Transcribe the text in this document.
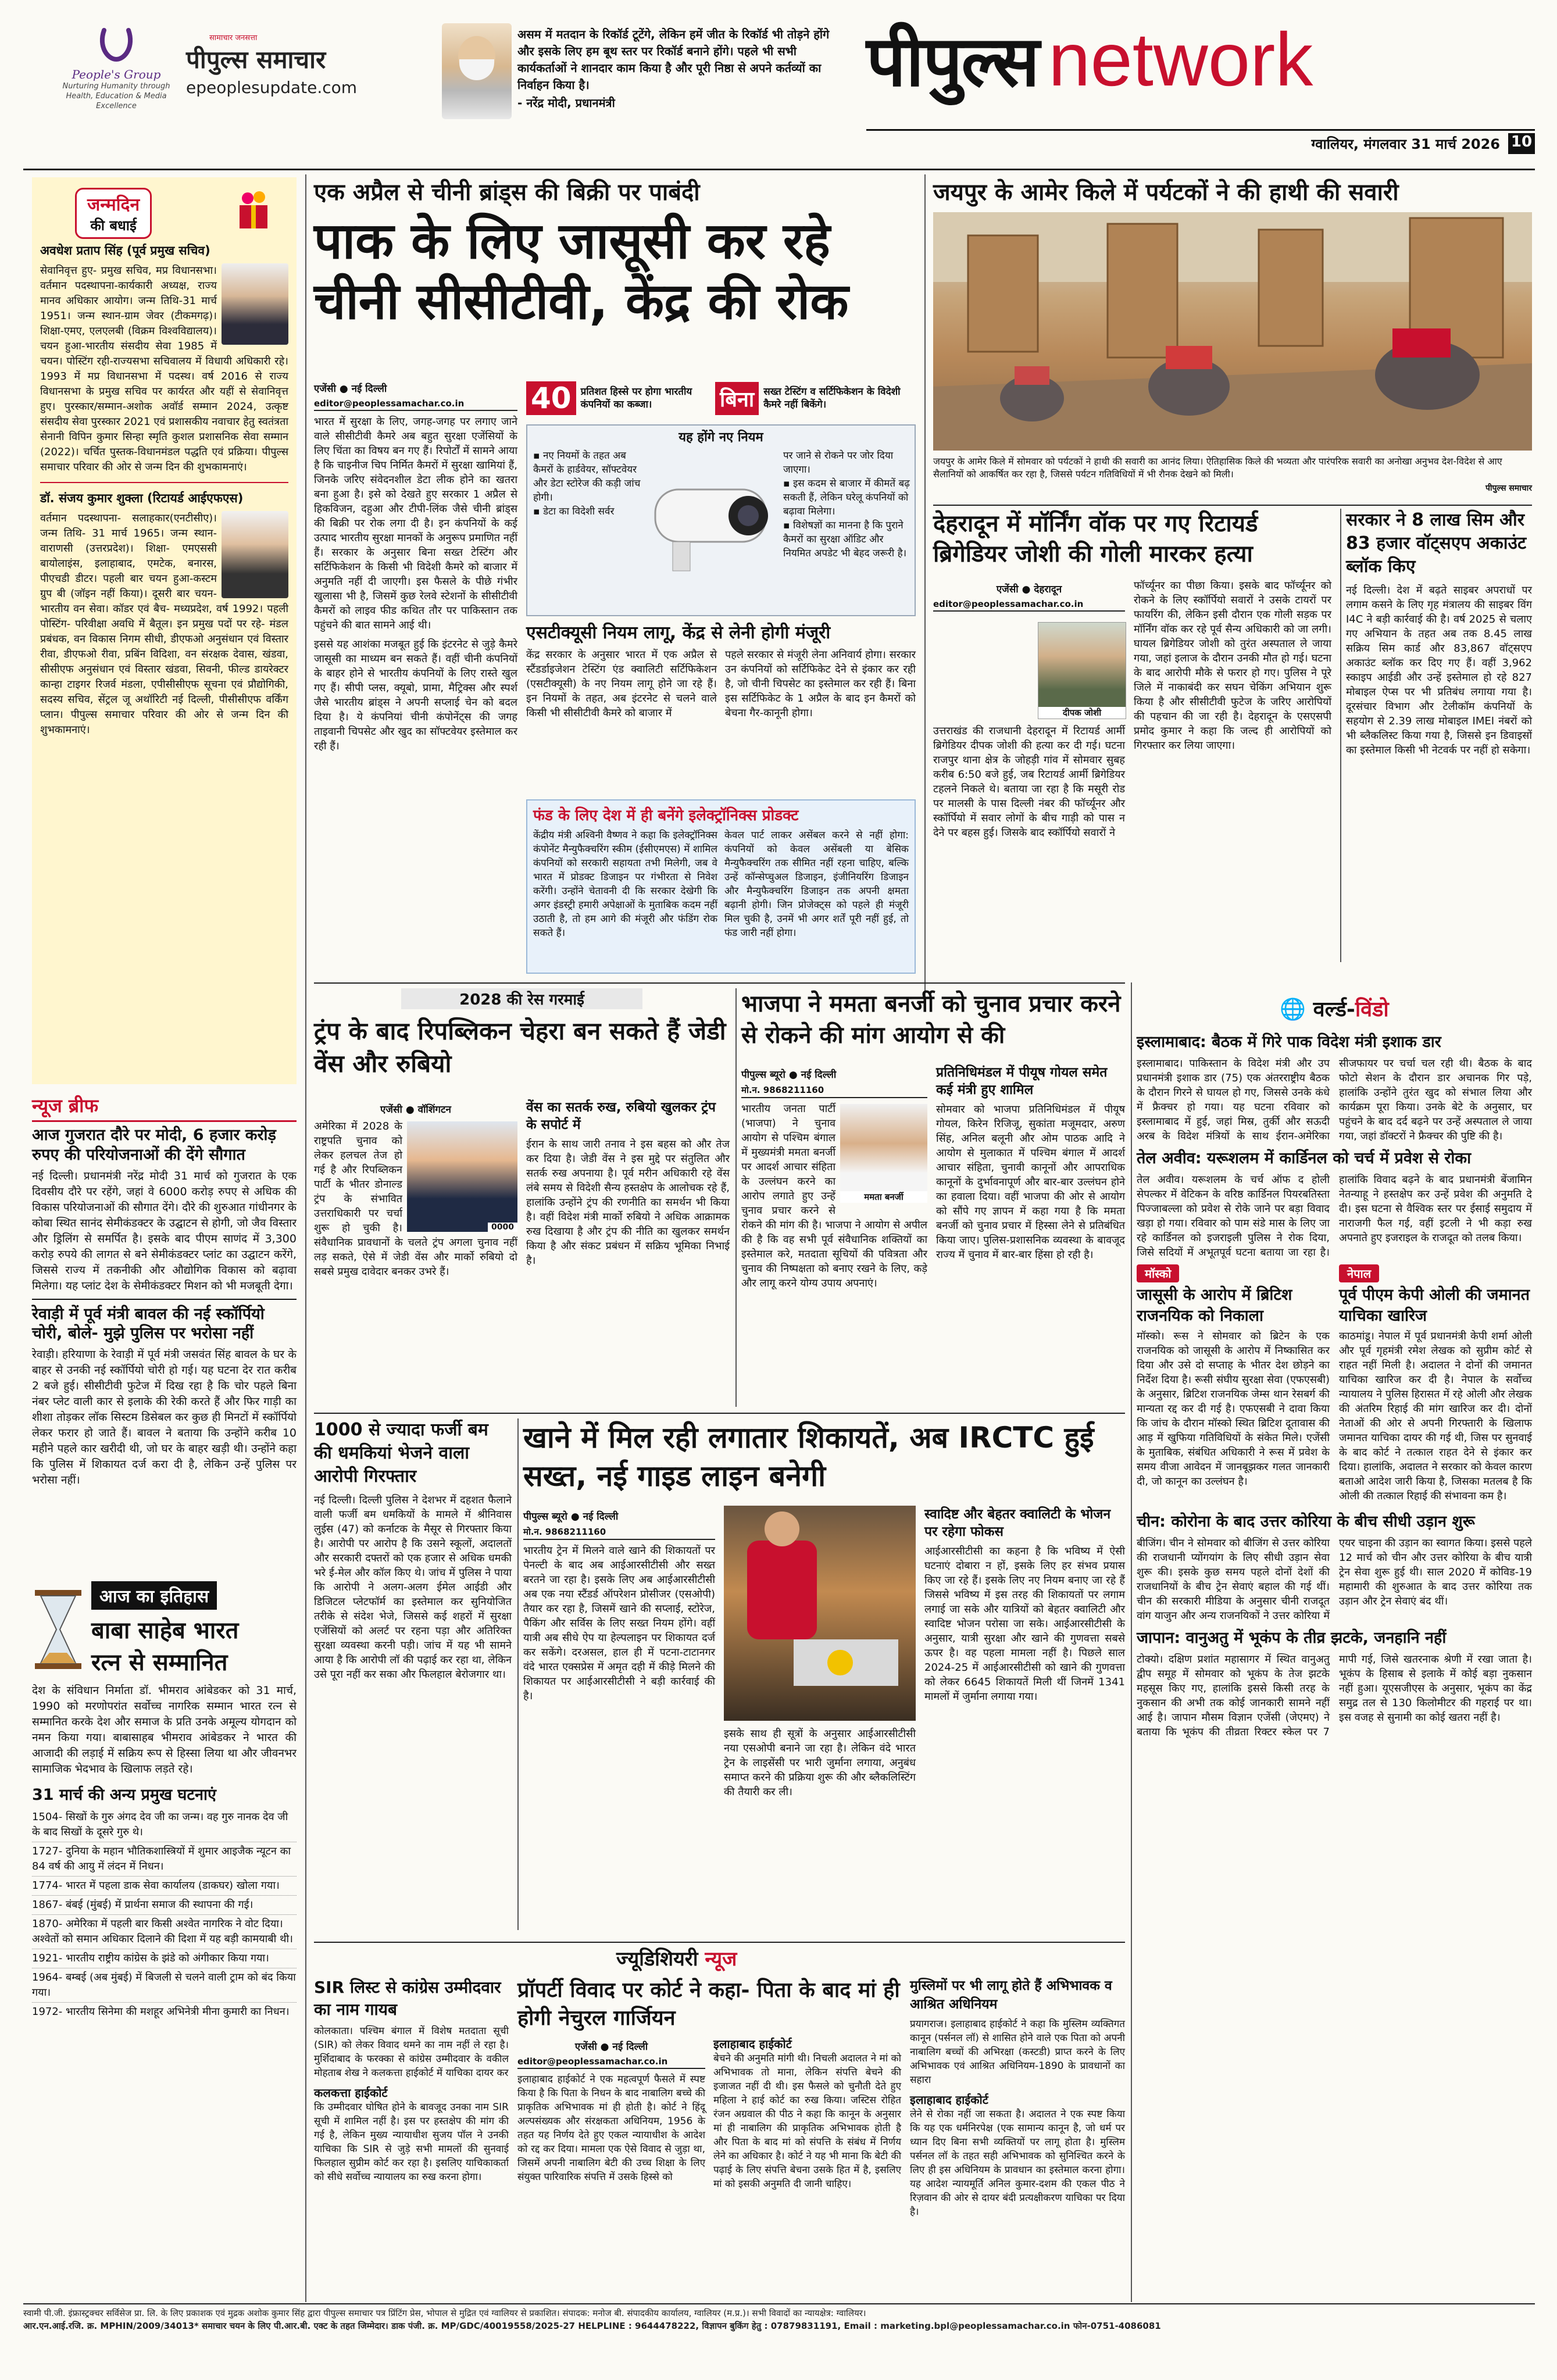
People's Group
Nurturing Humanity through Health, Education & Media Excellence
सामाचार जनसत्ता
पीपुल्स समाचार
epeoplesupdate.com
असम में मतदान के रिकॉर्ड टूटेंगे, लेकिन हमें जीत के रिकॉर्ड भी तोड़ने होंगे और इसके लिए हम बूथ स्तर पर रिकॉर्ड बनाने होंगे। पहले भी सभी कार्यकर्ताओं ने शानदार काम किया है और पूरी निष्ठा से अपने कर्तव्यों का निर्वाहन किया है।
- नरेंद्र मोदी, प्रधानमंत्री
पीपुल्स network
ग्वालियर, मंगलवार 31 मार्च 2026 10
जन्मदिन
की बधाई
अवधेश प्रताप सिंह (पूर्व प्रमुख सचिव)

सेवानिवृत्त हुए- प्रमुख सचिव, मप्र विधानसभा। वर्तमान पदस्थापना-कार्यकारी अध्यक्ष, राज्य मानव अधिकार आयोग। जन्म तिथि-31 मार्च 1951। जन्म स्थान-ग्राम जेवर (टीकमगढ़)। शिक्षा-एमए, एलएलबी (विक्रम विश्वविद्यालय)। चयन हुआ-भारतीय संसदीय सेवा 1985 में चयन। पोस्टिंग रही-राज्यसभा सचिवालय में विधायी अधिकारी रहे। 1993 में मप्र विधानसभा में पदस्थ। वर्ष 2016 से राज्य विधानसभा के प्रमुख सचिव पर कार्यरत और यहीं से सेवानिवृत्त हुए। पुरस्कार/सम्मान-अशोक अवॉर्ड सम्मान 2024, उत्कृष्ट संसदीय सेवा पुरस्कार 2021 एवं प्रशासकीय नवाचार हेतु स्वतंत्रता सेनानी विपिन कुमार सिन्हा स्मृति कुशल प्रशासनिक सेवा सम्मान (2022)। चर्चित पुस्तक-विधानमंडल पद्धति एवं प्रक्रिया। पीपुल्स समाचार परिवार की ओर से जन्म दिन की शुभकामनाएं।

डॉ. संजय कुमार शुक्ला (रिटायर्ड आईएफएस)

वर्तमान पदस्थापना- सलाहकार(एनटीसीए)। जन्म तिथि- 31 मार्च 1965। जन्म स्थान- वाराणसी (उत्तरप्रदेश)। शिक्षा- एमएससी बायोलाइंस, इलाहाबाद, एमटेक, बनारस, पीएचडी डीटर। पहली बार चयन हुआ-कस्टम ग्रुप बी (जॉइन नहीं किया)। दूसरी बार चयन- भारतीय वन सेवा। कॉडर एवं बैच- मध्यप्रदेश, वर्ष 1992। पहली पोस्टिंग- परिवीक्षा अवधि में बैतूल। इन प्रमुख पदों पर रहे- मंडल प्रबंधक, वन विकास निगम सीधी, डीएफओ अनुसंधान एवं विस्तार रीवा, डीएफओ रीवा, प्रबिंन विदिशा, वन संरक्षक देवास, खंडवा, सीसीएफ अनुसंधान एवं विस्तार खंडवा, सिवनी, फील्ड डायरेक्टर कान्हा टाइगर रिजर्व मंडला, एपीसीसीएफ सूचना एवं प्रौद्योगिकी, सदस्य सचिव, सेंट्रल जू अथॉरिटी नई दिल्ली, पीसीसीएफ वर्किंग प्लान। पीपुल्स समाचार परिवार की ओर से जन्म दिन की शुभकामनाएं।

न्यूज ब्रीफ
आज गुजरात दौरे पर मोदी, 6 हजार करोड़ रुपए की परियोजनाओं की देंगे सौगात

नई दिल्ली। प्रधानमंत्री नरेंद्र मोदी 31 मार्च को गुजरात के एक दिवसीय दौरे पर रहेंगे, जहां वे 6000 करोड़ रुपए से अधिक की विकास परियोजनाओं की सौगात देंगे। दौरे की शुरुआत गांधीनगर के कोबा स्थित सानंद सेमीकंडक्टर के उद्घाटन से होगी, जो जैव विस्तार और ड्रिलिंग से समर्पित है। इसके बाद पीएम साणंद में 3,300 करोड़ रुपये की लागत से बने सेमीकंडक्टर प्लांट का उद्घाटन करेंगे, जिससे राज्य में तकनीकी और औद्योगिक विकास को बढ़ावा मिलेगा। यह प्लांट देश के सेमीकंडक्टर मिशन को भी मजबूती देगा।

रेवाड़ी में पूर्व मंत्री बावल की नई स्कॉर्पियो चोरी, बोले- मुझे पुलिस पर भरोसा नहीं

रेवाड़ी। हरियाणा के रेवाड़ी में पूर्व मंत्री जसवंत सिंह बावल के घर के बाहर से उनकी नई स्कॉर्पियो चोरी हो गई। यह घटना देर रात करीब 2 बजे हुई। सीसीटीवी फुटेज में दिख रहा है कि चोर पहले बिना नंबर प्लेट वाली कार से इलाके की रेकी करते हैं और फिर गाड़ी का शीशा तोड़कर लॉक सिस्टम डिसेबल कर कुछ ही मिनटों में स्कॉर्पियो लेकर फरार हो जाते हैं। बावल ने बताया कि उन्होंने करीब 10 महीने पहले कार खरीदी थी, जो घर के बाहर खड़ी थी। उन्होंने कहा कि पुलिस में शिकायत दर्ज करा दी है, लेकिन उन्हें पुलिस पर भरोसा नहीं।

आज का इतिहास
बाबा साहेब भारत
रत्न से सम्मानित

देश के संविधान निर्माता डॉ. भीमराव आंबेडकर को 31 मार्च, 1990 को मरणोपरांत सर्वोच्च नागरिक सम्मान भारत रत्न से सम्मानित करके देश और समाज के प्रति उनके अमूल्य योगदान को नमन किया गया। बाबासाहब भीमराव आंबेडकर ने भारत की आजादी की लड़ाई में सक्रिय रूप से हिस्सा लिया था और जीवनभर सामाजिक भेदभाव के खिलाफ लड़ते रहे।

31 मार्च की अन्य प्रमुख घटनाएं
1504- सिखों के गुरु अंगद देव जी का जन्म। वह गुरु नानक देव जी के बाद सिखों के दूसरे गुरु थे।
1727- दुनिया के महान भौतिकशास्त्रियों में शुमार आइजैक न्यूटन का 84 वर्ष की आयु में लंदन में निधन।
1774- भारत में पहला डाक सेवा कार्यालय (डाकघर) खोला गया।
1867- बंबई (मुंबई) में प्रार्थना समाज की स्थापना की गई।
1870- अमेरिका में पहली बार किसी अश्वेत नागरिक ने वोट दिया। अश्वेतों को समान अधिकार दिलाने की दिशा में यह बड़ी कामयाबी थी।
1921- भारतीय राष्ट्रीय कांग्रेस के झंडे को अंगीकार किया गया।
1964- बम्बई (अब मुंबई) में बिजली से चलने वाली ट्राम को बंद किया गया।
1972- भारतीय सिनेमा की मशहूर अभिनेत्री मीना कुमारी का निधन।
एक अप्रैल से चीनी ब्रांड्स की बिक्री पर पाबंदी
पाक के लिए जासूसी कर रहे चीनी सीसीटीवी, केंद्र की रोक
एजेंसी ● नई दिल्ली
editor@peoplessamachar.co.in

भारत में सुरक्षा के लिए, जगह-जगह पर लगाए जाने वाले सीसीटीवी कैमरे अब बहुत सुरक्षा एजेंसियों के लिए चिंता का विषय बन गए हैं। रिपोर्टों में सामने आया है कि चाइनीज चिप निर्मित कैमरों में सुरक्षा खामियां हैं, जिनके जरिए संवेदनशील डेटा लीक होने का खतरा बना हुआ है। इसे को देखते हुए सरकार 1 अप्रैल से हिकविजन, दहुआ और टीपी-लिंक जैसे चीनी ब्रांड्स की बिक्री पर रोक लगा दी है। इन कंपनियों के कई उत्पाद भारतीय सुरक्षा मानकों के अनुरूप प्रमाणित नहीं हैं। सरकार के अनुसार बिना सख्त टेस्टिंग और सर्टिफिकेशन के किसी भी विदेशी कैमरे को बाजार में अनुमति नहीं दी जाएगी। इस फैसले के पीछे गंभीर खुलासा भी है, जिसमें कुछ रेलवे स्टेशनों के सीसीटीवी कैमरों को लाइव फीड कथित तौर पर पाकिस्तान तक पहुंचने की बात सामने आई थी।

इससे यह आशंका मजबूत हुई कि इंटरनेट से जुड़े कैमरे जासूसी का माध्यम बन सकते हैं। वहीं चीनी कंपनियों के बाहर होने से भारतीय कंपनियों के लिए रास्ते खुल गए हैं। सीपी प्लस, क्यूबो, प्रामा, मैट्रिक्स और स्पर्श जैसे भारतीय ब्रांड्स ने अपनी सप्लाई चेन को बदल दिया है। ये कंपनियां चीनी कंपोनेंट्स की जगह ताइवानी चिपसेट और खुद का सॉफ्टवेयर इस्तेमाल कर रही हैं।

40 प्रतिशत हिस्से पर होगा भारतीय कंपनियों का कब्जा।	बिना सख्त टेस्टिंग व सर्टिफिकेशन के विदेशी कैमरे नहीं बिकेंगे।
यह होंगे नए नियम
▪ नए नियमों के तहत अब कैमरों के हार्डवेयर, सॉफ्टवेयर और डेटा स्टोरेज की कड़ी जांच होगी।
▪ डेटा का विदेशी सर्वर
पर जाने से रोकने पर जोर दिया जाएगा।
▪ इस कदम से बाजार में कीमतें बढ़ सकती हैं, लेकिन घरेलू कंपनियों को बढ़ावा मिलेगा।
▪ विशेषज्ञों का मानना है कि पुराने कैमरों का सुरक्षा ऑडिट और नियमित अपडेट भी बेहद जरूरी है।
एसटीक्यूसी नियम लागू, केंद्र से लेनी होगी मंजूरी

केंद्र सरकार के अनुसार भारत में एक अप्रैल से स्टैंडर्डाइजेशन टेस्टिंग एंड क्वालिटी सर्टिफिकेशन (एसटीक्यूसी) के नए नियम लागू होने जा रहे हैं। इन नियमों के तहत, अब इंटरनेट से चलने वाले किसी भी सीसीटीवी कैमरे को बाजार में

पहले सरकार से मंजूरी लेना अनिवार्य होगा। सरकार उन कंपनियों को सर्टिफिकेट देने से इंकार कर रही है, जो चीनी चिपसेट का इस्तेमाल कर रही हैं। बिना इस सर्टिफिकेट के 1 अप्रैल के बाद इन कैमरों को बेचना गैर-कानूनी होगा।

फंड के लिए देश में ही बनेंगे इलेक्ट्रॉनिक्स प्रोडक्ट

केंद्रीय मंत्री अश्विनी वैष्णव ने कहा कि इलेक्ट्रॉनिक्स कंपोनेंट मैन्युफैक्चरिंग स्कीम (ईसीएमएस) में शामिल कंपनियों को सरकारी सहायता तभी मिलेगी, जब वे भारत में प्रोडक्ट डिजाइन पर गंभीरता से निवेश करेंगी। उन्होंने चेतावनी दी कि सरकार देखेगी कि अगर इंडस्ट्री हमारी अपेक्षाओं के मुताबिक कदम नहीं उठाती है, तो हम आगे की मंजूरी और फंडिंग रोक सकते हैं।

केवल पार्ट लाकर असेंबल करने से नहीं होगा: कंपनियों को केवल असेंबली या बेसिक मैन्युफैक्चरिंग तक सीमित नहीं रहना चाहिए, बल्कि उन्हें कॉन्सेप्चुअल डिजाइन, इंजीनियरिंग डिजाइन और मैन्युफैक्चरिंग डिजाइन तक अपनी क्षमता बढ़ानी होगी। जिन प्रोजेक्ट्स को पहले ही मंजूरी मिल चुकी है, उनमें भी अगर शर्तें पूरी नहीं हुई, तो फंड जारी नहीं होगा।

जयपुर के आमेर किले में पर्यटकों ने की हाथी की सवारी
जयपुर के आमेर किले में सोमवार को पर्यटकों ने हाथी की सवारी का आनंद लिया। ऐतिहासिक किले की भव्यता और पारंपरिक सवारी का अनोखा अनुभव देश-विदेश से आए सैलानियों को आकर्षित कर रहा है, जिससे पर्यटन गतिविधियों में भी रौनक देखने को मिली।
पीपुल्स समाचार
देहरादून में मॉर्निंग वॉक पर गए रिटायर्ड ब्रिगेडियर जोशी की गोली मारकर हत्या
एजेंसी ● देहरादून
editor@peoplessamachar.co.in
दीपक जोशी

उत्तराखंड की राजधानी देहरादून में रिटायर्ड आर्मी ब्रिगेडियर दीपक जोशी की हत्या कर दी गई। घटना राजपुर थाना क्षेत्र के जोहड़ी गांव में सोमवार सुबह करीब 6:50 बजे हुई, जब रिटायर्ड आर्मी ब्रिगेडियर टहलने निकले थे। बताया जा रहा है कि मसूरी रोड पर मालसी के पास दिल्ली नंबर की फॉर्च्यूनर और स्कॉर्पियो में सवार लोगों के बीच गाड़ी को पास न देने पर बहस हुई। जिसके बाद स्कॉर्पियो सवारों ने

फॉर्च्यूनर का पीछा किया। इसके बाद फॉर्च्यूनर को रोकने के लिए स्कॉर्पियो सवारों ने उसके टायरों पर फायरिंग की, लेकिन इसी दौरान एक गोली सड़क पर मॉर्निंग वॉक कर रहे पूर्व सैन्य अधिकारी को जा लगी। घायल ब्रिगेडियर जोशी को तुरंत अस्पताल ले जाया गया, जहां इलाज के दौरान उनकी मौत हो गई। घटना के बाद आरोपी मौके से फरार हो गए। पुलिस ने पूरे जिले में नाकाबंदी कर सघन चेकिंग अभियान शुरू किया है और सीसीटीवी फुटेज के जरिए आरोपियों की पहचान की जा रही है। देहरादून के एसएसपी प्रमोद कुमार ने कहा कि जल्द ही आरोपियों को गिरफ्तार कर लिया जाएगा।

सरकार ने 8 लाख सिम और 83 हजार वॉट्सएप अकाउंट ब्लॉक किए

नई दिल्ली। देश में बढ़ते साइबर अपराधों पर लगाम कसने के लिए गृह मंत्रालय की साइबर विंग I4C ने बड़ी कार्रवाई की है। वर्ष 2025 से चलाए गए अभियान के तहत अब तक 8.45 लाख सक्रिय सिम कार्ड और 83,867 वॉट्सएप अकाउंट ब्लॉक कर दिए गए हैं। वहीं 3,962 स्काइप आईडी और उन्हें इस्तेमाल हो रहे 827 मोबाइल ऐप्स पर भी प्रतिबंध लगाया गया है। दूरसंचार विभाग और टेलीकॉम कंपनियों के सहयोग से 2.39 लाख मोबाइल IMEI नंबरों को भी ब्लैकलिस्ट किया गया है, जिससे इन डिवाइसों का इस्तेमाल किसी भी नेटवर्क पर नहीं हो सकेगा।

2028 की रेस गरमाई
ट्रंप के बाद रिपब्लिकन चेहरा बन सकते हैं जेडी वेंस और रुबियो
एजेंसी ● वॉशिंगटन
0000

अमेरिका में 2028 के राष्ट्रपति चुनाव को लेकर हलचल तेज हो गई है और रिपब्लिकन पार्टी के भीतर डोनाल्ड ट्रंप के संभावित उत्तराधिकारी पर चर्चा शुरू हो चुकी है। संवैधानिक प्रावधानों के चलते ट्रंप अगला चुनाव नहीं लड़ सकते, ऐसे में जेडी वेंस और मार्को रुबियो दो सबसे प्रमुख दावेदार बनकर उभरे हैं।

वेंस का सतर्क रुख, रुबियो खुलकर ट्रंप के सपोर्ट में

ईरान के साथ जारी तनाव ने इस बहस को और तेज कर दिया है। जेडी वेंस ने इस मुद्दे पर संतुलित और सतर्क रुख अपनाया है। पूर्व मरीन अधिकारी रहे वेंस लंबे समय से विदेशी सैन्य हस्तक्षेप के आलोचक रहे हैं, हालांकि उन्होंने ट्रंप की रणनीति का समर्थन भी किया है। वहीं विदेश मंत्री मार्को रुबियो ने अधिक आक्रामक रुख दिखाया है और ट्रंप की नीति का खुलकर समर्थन किया है और संकट प्रबंधन में सक्रिय भूमिका निभाई है।

भाजपा ने ममता बनर्जी को चुनाव प्रचार करने से रोकने की मांग आयोग से की
पीपुल्स ब्यूरो ● नई दिल्ली
मो.न. 9868211160
ममता बनर्जी

भारतीय जनता पार्टी (भाजपा) ने चुनाव आयोग से पश्चिम बंगाल में मुख्यमंत्री ममता बनर्जी पर आदर्श आचार संहिता के उल्लंघन करने का आरोप लगाते हुए उन्हें चुनाव प्रचार करने से रोकने की मांग की है। भाजपा ने आयोग से अपील की है कि वह सभी पूर्व संवैधानिक शक्तियों का इस्तेमाल करे, मतदाता सूचियों की पवित्रता और चुनाव की निष्पक्षता को बनाए रखने के लिए, कड़े और लागू करने योग्य उपाय अपनाएं।

प्रतिनिधिमंडल में पीयूष गोयल समेत कई मंत्री हुए शामिल

सोमवार को भाजपा प्रतिनिधिमंडल में पीयूष गोयल, किरेन रिजिजू, सुकांता मजूमदार, अरुण सिंह, अनिल बलूनी और ओम पाठक आदि ने आयोग से मुलाकात में पश्चिम बंगाल में आदर्श आचार संहिता, चुनावी कानूनों और आपराधिक कानूनों के दुर्भावनापूर्ण और बार-बार उल्लंघन होने का हवाला दिया। वहीं भाजपा की ओर से आयोग को सौंपे गए ज्ञापन में कहा गया है कि ममता बनर्जी को चुनाव प्रचार में हिस्सा लेने से प्रतिबंधित किया जाए। पुलिस-प्रशासनिक व्यवस्था के बावजूद राज्य में चुनाव में बार-बार हिंसा हो रही है।

🌐 वर्ल्ड-विंडो
इस्लामाबाद: बैठक में गिरे पाक विदेश मंत्री इशाक डार

इस्लामाबाद। पाकिस्तान के विदेश मंत्री और उप प्रधानमंत्री इशाक डार (75) एक अंतरराष्ट्रीय बैठक के दौरान गिरने से घायल हो गए, जिससे उनके कंधे में फ्रैक्चर हो गया। यह घटना रविवार को इस्लामाबाद में हुई, जहां मिस्र, तुर्की और सऊदी अरब के विदेश मंत्रियों के साथ ईरान-अमेरिका सीजफायर पर चर्चा चल रही थी। बैठक के बाद फोटो सेशन के दौरान डार अचानक गिर पड़े, हालांकि उन्होंने तुरंत खुद को संभाल लिया और कार्यक्रम पूरा किया। उनके बेटे के अनुसार, घर पहुंचने के बाद दर्द बढ़ने पर उन्हें अस्पताल ले जाया गया, जहां डॉक्टरों ने फ्रैक्चर की पुष्टि की है।

तेल अवीव: यरूशलम में कार्डिनल को चर्च में प्रवेश से रोका

तेल अवीव। यरूशलम के चर्च ऑफ द होली सेपल्कर में वेटिकन के वरिष्ठ कार्डिनल पियरबतिस्ता पिज्जाबल्ला को प्रवेश से रोके जाने पर बड़ा विवाद खड़ा हो गया। रविवार को पाम संडे मास के लिए जा रहे कार्डिनल को इजराइली पुलिस ने रोक दिया, जिसे सदियों में अभूतपूर्व घटना बताया जा रहा है। हालांकि विवाद बढ़ने के बाद प्रधानमंत्री बेंजामिन नेतन्याहू ने हस्तक्षेप कर उन्हें प्रवेश की अनुमति दे दी। इस घटना से वैश्विक स्तर पर ईसाई समुदाय में नाराजगी फैल गई, वहीं इटली ने भी कड़ा रुख अपनाते हुए इजराइल के राजदूत को तलब किया।

मॉस्को
जासूसी के आरोप में ब्रिटिश राजनयिक को निकाला

मॉस्को। रूस ने सोमवार को ब्रिटेन के एक राजनयिक को जासूसी के आरोप में निष्कासित कर दिया और उसे दो सप्ताह के भीतर देश छोड़ने का निर्देश दिया है। रूसी संघीय सुरक्षा सेवा (एफएसबी) के अनुसार, ब्रिटिश राजनयिक जेम्स थान रेसबर्ग की मान्यता रद्द कर दी गई है। एफएसबी ने दावा किया कि जांच के दौरान मॉस्को स्थित ब्रिटिश दूतावास की आड़ में खुफिया गतिविधियों के संकेत मिले। एजेंसी के मुताबिक, संबंधित अधिकारी ने रूस में प्रवेश के समय वीजा आवेदन में जानबूझकर गलत जानकारी दी, जो कानून का उल्लंघन है।

नेपाल
पूर्व पीएम केपी ओली की जमानत याचिका खारिज

काठमांडू। नेपाल में पूर्व प्रधानमंत्री केपी शर्मा ओली और पूर्व गृहमंत्री रमेश लेखक को सुप्रीम कोर्ट से राहत नहीं मिली है। अदालत ने दोनों की जमानत याचिका खारिज कर दी है। नेपाल के सर्वोच्च न्यायालय ने पुलिस हिरासत में रहे ओली और लेखक की अंतरिम रिहाई की मांग खारिज कर दी। दोनों नेताओं की ओर से अपनी गिरफ्तारी के खिलाफ जमानत याचिका दायर की गई थी, जिस पर सुनवाई के बाद कोर्ट ने तत्काल राहत देने से इंकार कर दिया। हालांकि, अदालत ने सरकार को केवल कारण बताओ आदेश जारी किया है, जिसका मतलब है कि ओली की तत्काल रिहाई की संभावना कम है।

चीन: कोरोना के बाद उत्तर कोरिया के बीच सीधी उड़ान शुरू

बीजिंग। चीन ने सोमवार को बीजिंग से उत्तर कोरिया की राजधानी प्योंगयांग के लिए सीधी उड़ान सेवा शुरू की। इसके कुछ समय पहले दोनों देशों की राजधानियों के बीच ट्रेन सेवाएं बहाल की गई थीं। चीन की सरकारी मीडिया के अनुसार चीनी राजदूत वांग याजुन और अन्य राजनयिकों ने उत्तर कोरिया में एयर चाइना की उड़ान का स्वागत किया। इससे पहले 12 मार्च को चीन और उत्तर कोरिया के बीच यात्री ट्रेन सेवा शुरू हुई थी। साल 2020 में कोविड-19 महामारी की शुरुआत के बाद उत्तर कोरिया तक उड़ान और ट्रेन सेवाएं बंद थीं।

जापान: वानुअतु में भूकंप के तीव्र झटके, जनहानि नहीं

टोक्यो। दक्षिण प्रशांत महासागर में स्थित वानुअतु द्वीप समूह में सोमवार को भूकंप के तेज झटके महसूस किए गए, हालांकि इससे किसी तरह के नुकसान की अभी तक कोई जानकारी सामने नहीं आई है। जापान मौसम विज्ञान एजेंसी (जेएमए) ने बताया कि भूकंप की तीव्रता रिक्टर स्केल पर 7 मापी गई, जिसे खतरनाक श्रेणी में रखा जाता है। भूकंप के हिसाब से इलाके में कोई बड़ा नुकसान नहीं हुआ। यूएसजीएस के अनुसार, भूकंप का केंद्र समुद्र तल से 130 किलोमीटर की गहराई पर था। इस वजह से सुनामी का कोई खतरा नहीं है।

1000 से ज्यादा फर्जी बम की धमकियां भेजने वाला आरोपी गिरफ्तार

नई दिल्ली। दिल्ली पुलिस ने देशभर में दहशत फैलाने वाली फर्जी बम धमकियों के मामले में श्रीनिवास लुईस (47) को कर्नाटक के मैसूर से गिरफ्तार किया है। आरोपी पर आरोप है कि उसने स्कूलों, अदालतों और सरकारी दफ्तरों को एक हजार से अधिक धमकी भरे ई-मेल और कॉल किए थे। जांच में पुलिस ने पाया कि आरोपी ने अलग-अलग ईमेल आईडी और डिजिटल प्लेटफॉर्म का इस्तेमाल कर सुनियोजित तरीके से संदेश भेजे, जिससे कई शहरों में सुरक्षा एजेंसियों को अलर्ट पर रहना पड़ा और अतिरिक्त सुरक्षा व्यवस्था करनी पड़ी। जांच में यह भी सामने आया है कि आरोपी लॉ की पढ़ाई कर रहा था, लेकिन उसे पूरा नहीं कर सका और फिलहाल बेरोजगार था।

खाने में मिल रही लगातार शिकायतें, अब IRCTC हुई सख्त, नई गाइड लाइन बनेगी
पीपुल्स ब्यूरो ● नई दिल्ली
मो.न. 9868211160

भारतीय ट्रेन में मिलने वाले खाने की शिकायतों पर पेनल्टी के बाद अब आईआरसीटीसी और सख्त बरतने जा रहा है। इसके लिए अब आईआरसीटीसी अब एक नया स्टैंडर्ड ऑपरेशन प्रोसीजर (एसओपी) तैयार कर रहा है, जिसमें खाने की सप्लाई, स्टोरेज, पैकिंग और सर्विस के लिए सख्त नियम होंगे। वहीं यात्री अब सीधे ऐप या हेल्पलाइन पर शिकायत दर्ज कर सकेंगे। दरअसल, हाल ही में पटना-टाटानगर वंदे भारत एक्सप्रेस में अमृत दही में कीड़े मिलने की शिकायत पर आईआरसीटीसी ने बड़ी कार्रवाई की है।

इसके साथ ही सूत्रों के अनुसार आईआरसीटीसी नया एसओपी बनाने जा रहा है। लेकिन वंदे भारत ट्रेन के लाइसेंसी पर भारी जुर्माना लगाया, अनुबंध समाप्त करने की प्रक्रिया शुरू की और ब्लैकलिस्टिंग की तैयारी कर ली।

स्वादिष्ट और बेहतर क्वालिटी के भोजन पर रहेगा फोकस

आईआरसीटीसी का कहना है कि भविष्य में ऐसी घटनाएं दोबारा न हों, इसके लिए हर संभव प्रयास किए जा रहे हैं। इसके लिए नए नियम बनाए जा रहे हैं जिससे भविष्य में इस तरह की शिकायतों पर लगाम लगाई जा सके और यात्रियों को बेहतर क्वालिटी और स्वादिष्ट भोजन परोसा जा सके। आईआरसीटीसी के अनुसार, यात्री सुरक्षा और खाने की गुणवत्ता सबसे ऊपर है। वह पहला मामला नहीं है। पिछले साल 2024-25 में आईआरसीटीसी को खाने की गुणवत्ता को लेकर 6645 शिकायतें मिली थीं जिनमें 1341 मामलों में जुर्माना लगाया गया।

ज्यूडिशियरी न्यूज
SIR लिस्ट से कांग्रेस उम्मीदवार का नाम गायब

कोलकाता। पश्चिम बंगाल में विशेष मतदाता सूची (SIR) को लेकर विवाद थमने का नाम नहीं ले रहा है। मुर्शिदाबाद के फरक्का से कांग्रेस उम्मीदवार के वकील मोहताब शेख ने कलकत्ता हाईकोर्ट में याचिका दायर कर

कलकत्ता हाईकोर्ट

कि उम्मीदवार घोषित होने के बावजूद उनका नाम SIR सूची में शामिल नहीं है। इस पर हस्तक्षेप की मांग की गई है, लेकिन मुख्य न्यायाधीश सुजय पॉल ने उनकी याचिका कि SIR से जुड़े सभी मामलों की सुनवाई फिलहाल सुप्रीम कोर्ट कर रहा है। इसलिए याचिकाकर्ता को सीधे सर्वोच्च न्यायालय का रुख करना होगा।

प्रॉपर्टी विवाद पर कोर्ट ने कहा- पिता के बाद मां ही होगी नेचुरल गार्जियन
एजेंसी ● नई दिल्ली
editor@peoplessamachar.co.in

इलाहाबाद हाईकोर्ट ने एक महत्वपूर्ण फैसले में स्पष्ट किया है कि पिता के निधन के बाद नाबालिग बच्चे की प्राकृतिक अभिभावक मां ही होती है। कोर्ट ने हिंदू अल्पसंख्यक और संरक्षकता अधिनियम, 1956 के तहत यह निर्णय देते हुए एकल न्यायाधीश के आदेश को रद्द कर दिया। मामला एक ऐसे विवाद से जुड़ा था, जिसमें अपनी नाबालिग बेटी की उच्च शिक्षा के लिए संयुक्त पारिवारिक संपत्ति में उसके हिस्से को

इलाहाबाद हाईकोर्ट

बेचने की अनुमति मांगी थी। निचली अदालत ने मां को अभिभावक तो माना, लेकिन संपत्ति बेचने की इजाजत नहीं दी थी। इस फैसले को चुनौती देते हुए महिला ने हाई कोर्ट का रुख किया। जस्टिस रोहित रंजन अग्रवाल की पीठ ने कहा कि कानून के अनुसार मां ही नाबालिग की प्राकृतिक अभिभावक होती है और पिता के बाद मां को संपत्ति के संबंध में निर्णय लेने का अधिकार है। कोर्ट ने यह भी माना कि बेटी की पढ़ाई के लिए संपत्ति बेचना उसके हित में है, इसलिए मां को इसकी अनुमति दी जानी चाहिए।

मुस्लिमों पर भी लागू होते हैं अभिभावक व आश्रित अधिनियम

प्रयागराज। इलाहाबाद हाईकोर्ट ने कहा कि मुस्लिम व्यक्तिगत कानून (पर्सनल लॉ) से शासित होने वाले एक पिता को अपनी नाबालिग बच्चों की अभिरक्षा (कस्टडी) प्राप्त करने के लिए अभिभावक एवं आश्रित अधिनियम-1890 के प्रावधानों का सहारा

इलाहाबाद हाईकोर्ट

लेने से रोका नहीं जा सकता है। अदालत ने एक स्पष्ट किया कि यह एक धर्मनिरपेक्ष (एक सामान्य कानून है, जो धर्म पर ध्यान दिए बिना सभी व्यक्तियों पर लागू होता है। मुस्लिम पर्सनल लॉ के तहत सही अभिभावक को सुनिश्चित करने के लिए ही इस अधिनियम के प्रावधान का इस्तेमाल करना होगा। यह आदेश न्यायमूर्ति अनिल कुमार-दशम की एकल पीठ ने रिज़वान की ओर से दायर बंदी प्रत्यक्षीकरण याचिका पर दिया है।

स्वामी पी.जी. इंफ्रास्ट्रक्चर सर्विसेज प्रा. लि. के लिए प्रकाशक एवं मुद्रक अशोक कुमार सिंह द्वारा पीपुल्स समाचार पत्र प्रिंटिंग प्रेस, भोपाल से मुद्रित एवं ग्वालियर से प्रकाशित। संपादक: मनोज बी. संपादकीय कार्यालय, ग्वालियर (म.प्र.)। सभी विवादों का न्यायक्षेत्र: ग्वालियर।
आर.एन.आई.रजि. क्र. MPHIN/2009/34013* समाचार चयन के लिए पी.आर.बी. एक्ट के तहत जिम्मेदार। डाक पंजी. क्र. MP/GDC/40019558/2025-27 HELPLINE : 9644478222, विज्ञापन बुकिंग हेतु : 07879831191, Email : marketing.bpl@peoplessamachar.co.in फोन-0751-4086081
